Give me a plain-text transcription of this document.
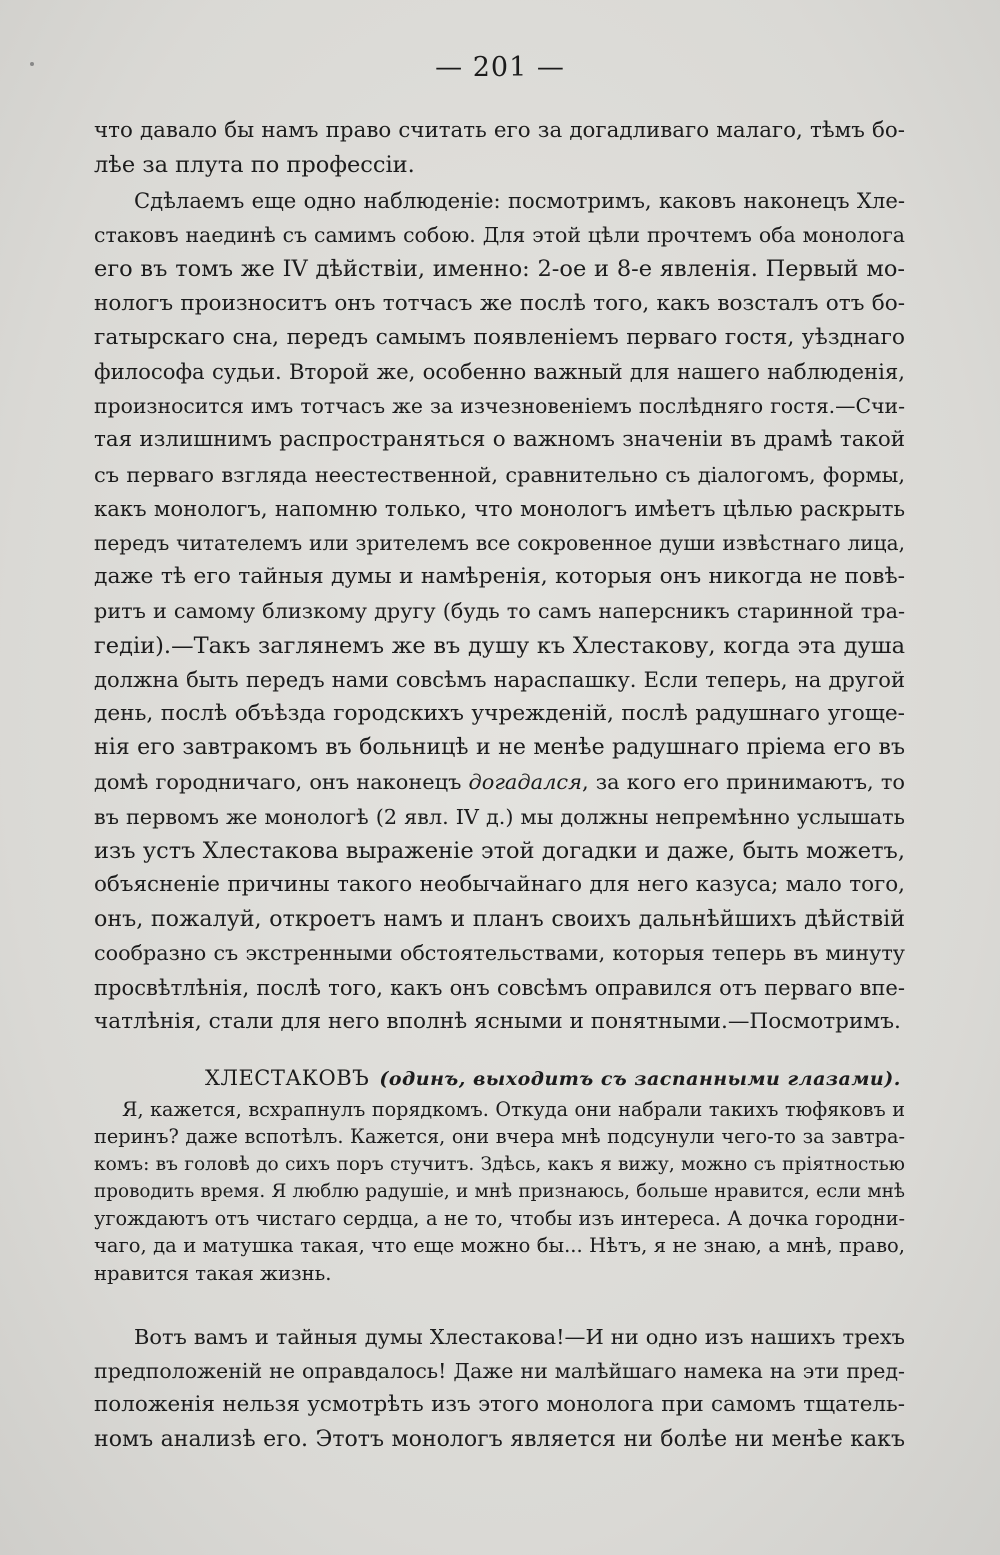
— 201 —
что давало бы намъ право считать его за догадливаго малаго, тѣмъ бо-
лѣе за плута по профессіи.
Сдѣлаемъ еще одно наблюденіе: посмотримъ, каковъ наконецъ Хле-
стаковъ наединѣ съ самимъ собою. Для этой цѣли прочтемъ оба монолога
его въ томъ же IV дѣйствіи, именно: 2-ое и 8-е явленія. Первый мо-
нологъ произноситъ онъ тотчасъ же послѣ того, какъ возсталъ отъ бо-
гатырскаго сна, передъ самымъ появленіемъ перваго гостя, уѣзднаго
философа судьи. Второй же, особенно важный для нашего наблюденія,
произносится имъ тотчасъ же за изчезновеніемъ послѣдняго гостя.—Счи-
тая излишнимъ распространяться о важномъ значеніи въ драмѣ такой
съ перваго взгляда неестественной, сравнительно съ діалогомъ, формы,
какъ монологъ, напомню только, что монологъ имѣетъ цѣлью раскрыть
передъ читателемъ или зрителемъ все сокровенное души извѣстнаго лица,
даже тѣ его тайныя думы и намѣренія, которыя онъ никогда не повѣ-
ритъ и самому близкому другу (будь то самъ наперсникъ старинной тра-
гедіи).—Такъ заглянемъ же въ душу къ Хлестакову, когда эта душа
должна быть передъ нами совсѣмъ нараспашку. Если теперь, на другой
день, послѣ объѣзда городскихъ учрежденій, послѣ радушнаго угоще-
нія его завтракомъ въ больницѣ и не менѣе радушнаго пріема его въ
домѣ городничаго, онъ наконецъ догадался, за кого его принимаютъ, то
въ первомъ же монологѣ (2 явл. IV д.) мы должны непремѣнно услышать
изъ устъ Хлестакова выраженіе этой догадки и даже, быть можетъ,
объясненіе причины такого необычайнаго для него казуса; мало того,
онъ, пожалуй, откроетъ намъ и планъ своихъ дальнѣйшихъ дѣйствій
сообразно съ экстренными обстоятельствами, которыя теперь въ минуту
просвѣтлѣнія, послѣ того, какъ онъ совсѣмъ оправился отъ перваго впе-
чатлѣнія, стали для него вполнѣ ясными и понятными.—Посмотримъ.
ХЛЕСТАКОВЪ (одинъ, выходитъ съ заспанными глазами).
Я, кажется, всхрапнулъ порядкомъ. Откуда они набрали такихъ тюфяковъ и
перинъ? даже вспотѣлъ. Кажется, они вчера мнѣ подсунули чего-то за завтра-
комъ: въ головѣ до сихъ поръ стучитъ. Здѣсь, какъ я вижу, можно съ пріятностью
проводить время. Я люблю радушіе, и мнѣ признаюсь, больше нравится, если мнѣ
угождаютъ отъ чистаго сердца, а не то, чтобы изъ интереса. А дочка городни-
чаго, да и матушка такая, что еще можно бы... Нѣтъ, я не знаю, а мнѣ, право,
нравится такая жизнь.
Вотъ вамъ и тайныя думы Хлестакова!—И ни одно изъ нашихъ трехъ
предположеній не оправдалось! Даже ни малѣйшаго намека на эти пред-
положенія нельзя усмотрѣть изъ этого монолога при самомъ тщатель-
номъ анализѣ его. Этотъ монологъ является ни болѣе ни менѣе какъ
